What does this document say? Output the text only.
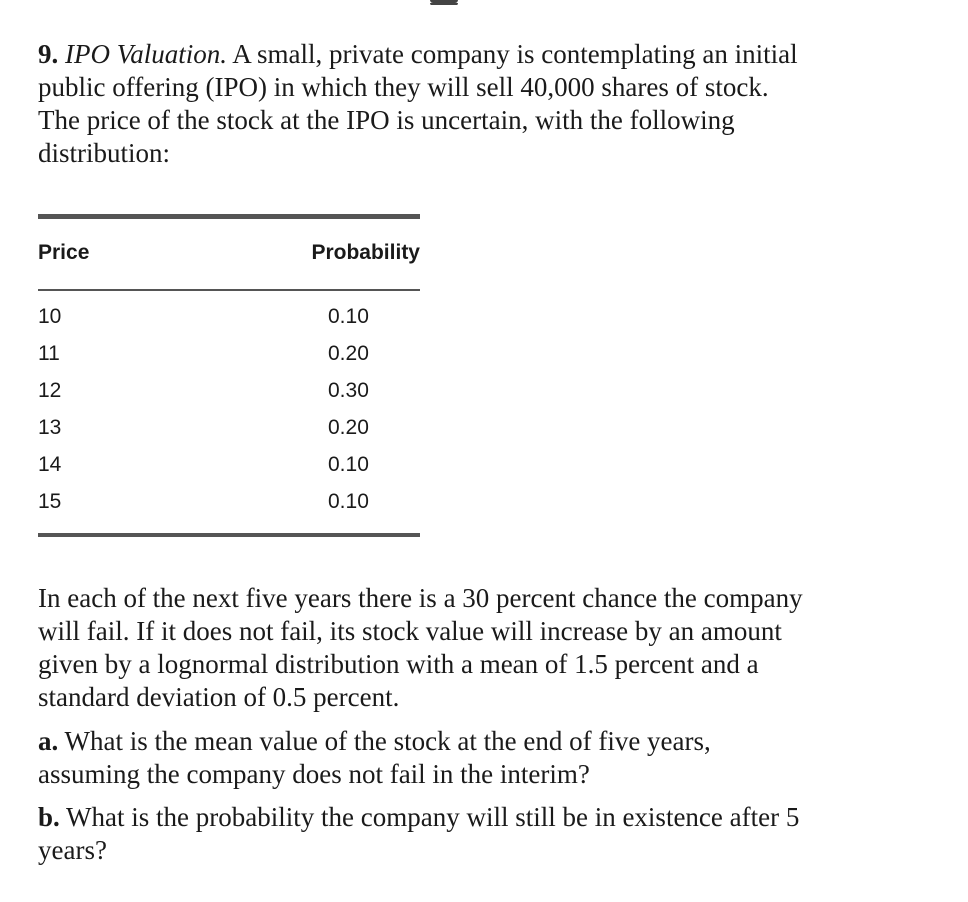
9. IPO Valuation. A small, private company is contemplating an initial public offering (IPO) in which they will sell 40,000 shares of stock. The price of the stock at the IPO is uncertain, with the following distribution:

Price	Probability
10	0.10
11	0.20
12	0.30
13	0.20
14	0.10
15	0.10

In each of the next five years there is a 30 percent chance the company will fail. If it does not fail, its stock value will increase by an amount given by a lognormal distribution with a mean of 1.5 percent and a standard deviation of 0.5 percent.

a. What is the mean value of the stock at the end of five years, assuming the company does not fail in the interim?

b. What is the probability the company will still be in existence after 5 years?
